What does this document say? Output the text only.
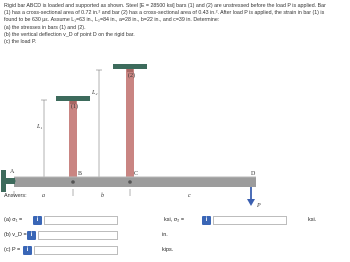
Rigid bar ABCD is loaded and supported as shown. Steel [E = 28500 ksi] bars (1) and (2) are unstressed before the load P is applied. Bar

(1) has a cross-sectional area of 0.72 in.² and bar (2) has a cross-sectional area of 0.43 in.². After load P is applied, the strain in bar (1) is

found to be 630 με. Assume L₁=63 in., L₂=84 in., a=28 in., b=22 in., and c=39 in. Determine:

(a) the stresses in bars (1) and (2).

(b) the vertical deflection v_D of point D on the rigid bar.

(c) the load P.

(1)
(2)
L₁
L₂
A	B	C	D
a	b	c
P
Answers:
(a) σ₁ =	i	ksi, σ₂ =	i	ksi.
(b) v_D = i	in.
(c) P =	i	kips.
